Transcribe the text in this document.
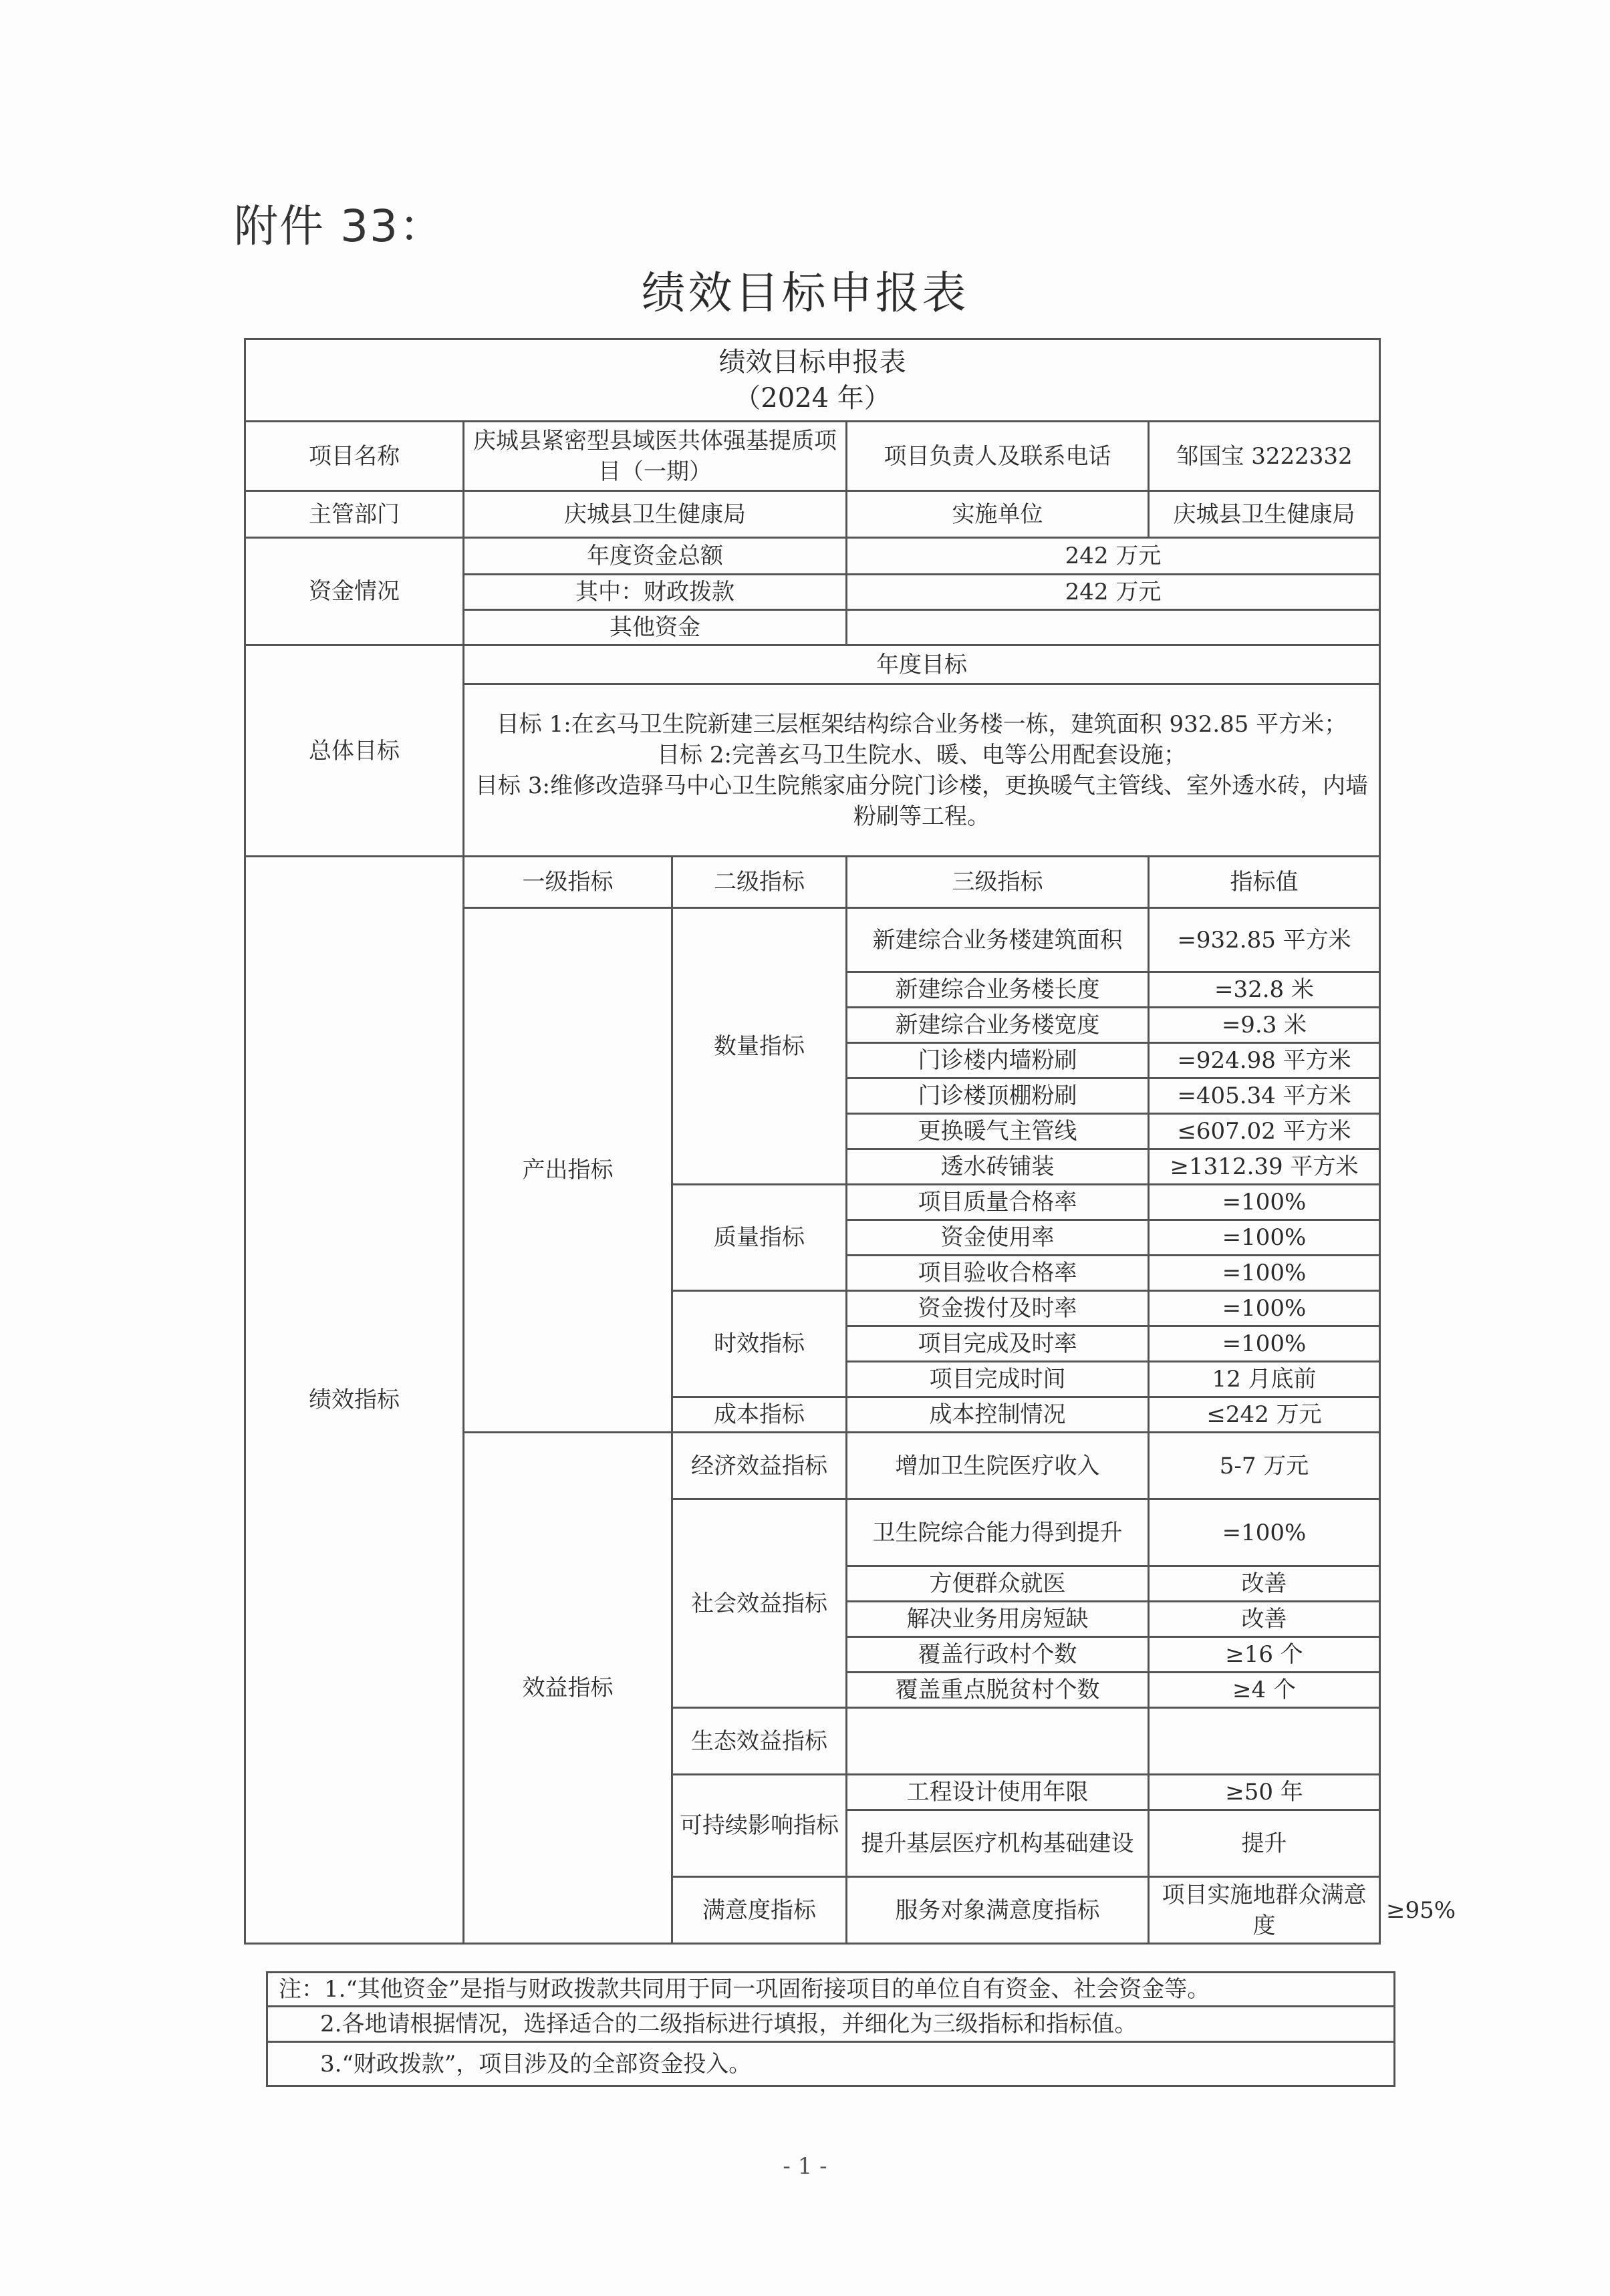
附件 33：
绩效目标申报表
绩效目标申报表
（2024 年）					

项目名称	庆城县紧密型县域医共体强基提质项目（一期）		项目负责人及联系电话	邹国宝 3222332	
主管部门	庆城县卫生健康局		实施单位	庆城县卫生健康局	
资金情况	年度资金总额		242 万元		
	其中：财政拨款		242 万元		
	其他资金				
总体目标	年度目标				

	目标 1:在玄马卫生院新建三层框架结构综合业务楼一栋，建筑面积 932.85 平方米；
目标 2:完善玄马卫生院水、暖、电等公用配套设施；
目标 3:维修改造驿马中心卫生院熊家庙分院门诊楼，更换暖气主管线、室外透水砖，内墙粉刷等工程。				

绩效指标	一级指标	二级指标	三级指标	指标值	
	产出指标	数量指标	新建综合业务楼建筑面积	=932.85 平方米	
			新建综合业务楼长度	=32.8 米	
			新建综合业务楼宽度	=9.3 米	
			门诊楼内墙粉刷	=924.98 平方米	
			门诊楼顶棚粉刷	=405.34 平方米	
			更换暖气主管线	≤607.02 平方米	
			透水砖铺装	≥1312.39 平方米	
		质量指标	项目质量合格率	=100%	
			资金使用率	=100%	
			项目验收合格率	=100%	
		时效指标	资金拨付及时率	=100%	
			项目完成及时率	=100%	
			项目完成时间	12 月底前	
		成本指标	成本控制情况	≤242 万元	
	效益指标	经济效益指标	增加卫生院医疗收入	5-7 万元	
		社会效益指标	卫生院综合能力得到提升	=100%	
			方便群众就医	改善	
			解决业务用房短缺	改善	
			覆盖行政村个数	≥16 个	
			覆盖重点脱贫村个数	≥4 个	
		生态效益指标			
		可持续影响指标	工程设计使用年限	≥50 年	
			提升基层医疗机构基础建设	提升	
		满意度指标	服务对象满意度指标	项目实施地群众满意度	≥95%
注：1.“其他资金”是指与财政拨款共同用于同一巩固衔接项目的单位自有资金、社会资金等。
2.各地请根据情况，选择适合的二级指标进行填报，并细化为三级指标和指标值。
3.“财政拨款”，项目涉及的全部资金投入。
- 1 -
